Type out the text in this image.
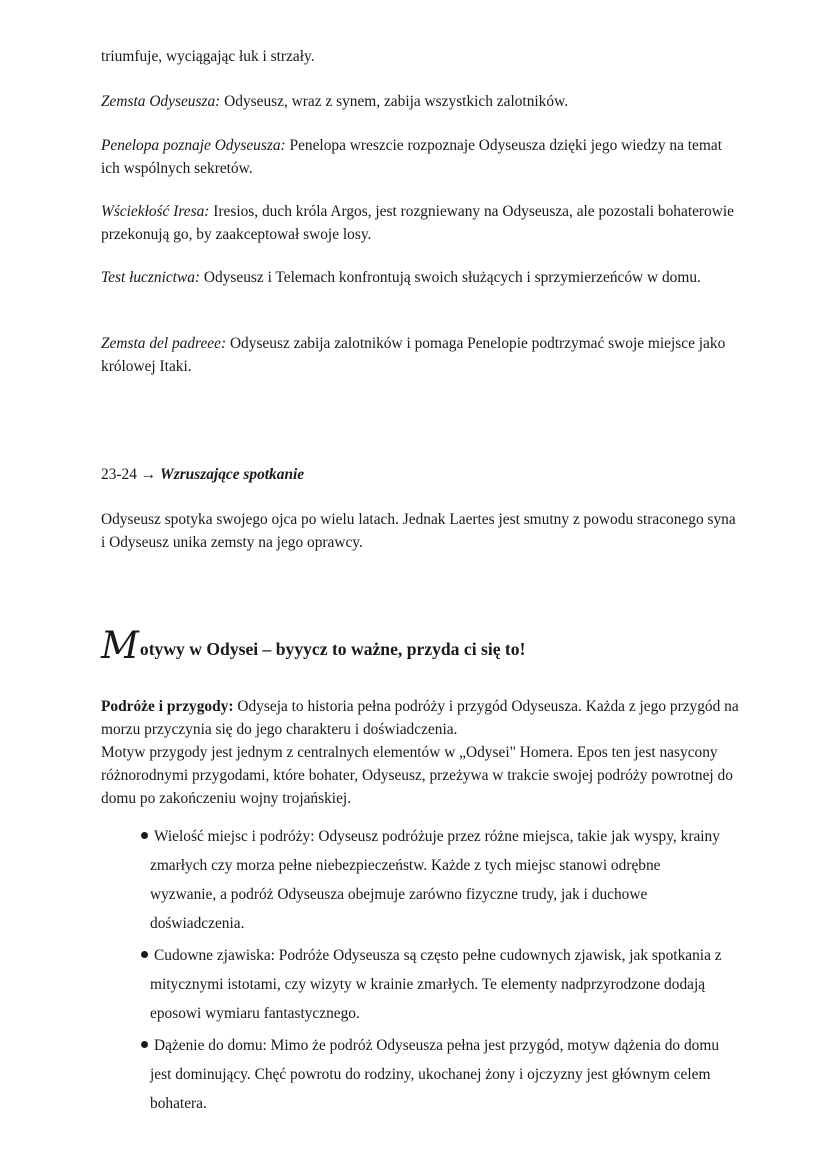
triumfuje, wyciągając łuk i strzały.
Zemsta Odyseusza: Odyseusz, wraz z synem, zabija wszystkich zalotników.
Penelopa poznaje Odyseusza: Penelopa wreszcie rozpoznaje Odyseusza dzięki jego wiedzy na temat ich wspólnych sekretów.
Wściekłość Iresa: Iresios, duch króla Argos, jest rozgniewany na Odyseusza, ale pozostali bohaterowie przekonują go, by zaakceptował swoje losy.
Test łucznictwa: Odyseusz i Telemach konfrontują swoich służących i sprzymierzeńców w domu.
Zemsta del padreee: Odyseusz zabija zalotników i pomaga Penelopie podtrzymać swoje miejsce jako królowej Itaki.
23-24 → Wzruszające spotkanie
Odyseusz spotyka swojego ojca po wielu latach. Jednak Laertes jest smutny z powodu straconego syna i Odyseusz unika zemsty na jego oprawcy.
Motywy w Odysei – byyycz to ważne, przyda ci się to!
Podróże i przygody: Odyseja to historia pełna podróży i przygód Odyseusza. Każda z jego przygód na morzu przyczynia się do jego charakteru i doświadczenia.
Motyw przygody jest jednym z centralnych elementów w „Odysei" Homera. Epos ten jest nasycony różnorodnymi przygodami, które bohater, Odyseusz, przeżywa w trakcie swojej podróży powrotnej do domu po zakończeniu wojny trojańskiej.
Wielość miejsc i podróży: Odyseusz podróżuje przez różne miejsca, takie jak wyspy, krainy zmarłych czy morza pełne niebezpieczeństw. Każde z tych miejsc stanowi odrębne wyzwanie, a podróż Odyseusza obejmuje zarówno fizyczne trudy, jak i duchowe doświadczenia.
Cudowne zjawiska: Podróże Odyseusza są często pełne cudownych zjawisk, jak spotkania z mitycznymi istotami, czy wizyty w krainie zmarłych. Te elementy nadprzyrodzone dodają eposowi wymiaru fantastycznego.
Dążenie do domu: Mimo że podróż Odyseusza pełna jest przygód, motyw dążenia do domu jest dominujący. Chęć powrotu do rodziny, ukochanej żony i ojczyzny jest głównym celem bohatera.
